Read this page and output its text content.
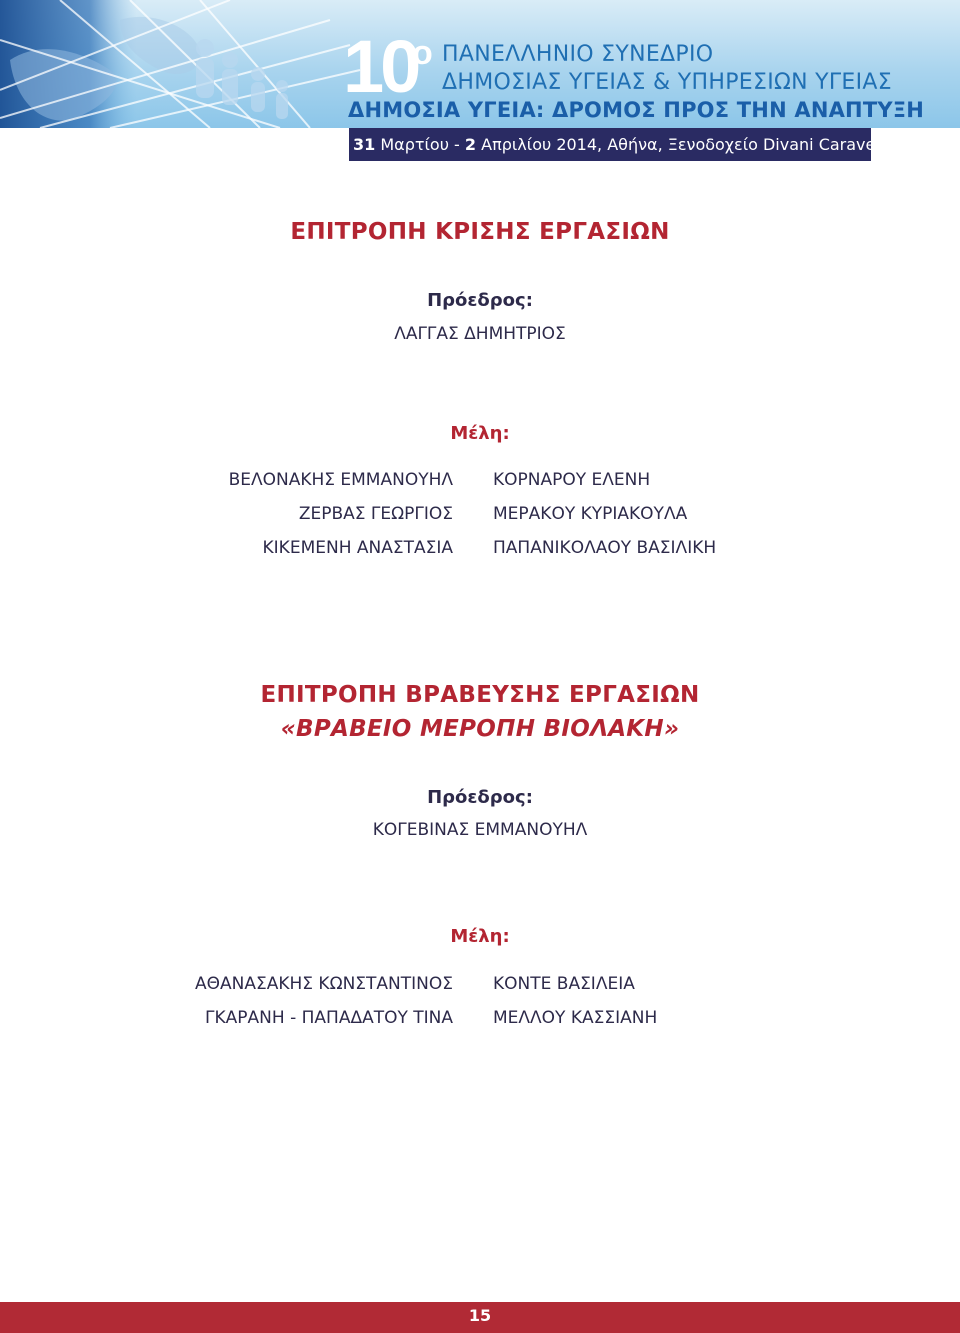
10
o ΠΑΝΕΛΛΗΝΙΟ ΣΥΝΕΔΡΙΟ
ΔΗΜΟΣΙΑΣ ΥΓΕΙΑΣ & ΥΠΗΡΕΣΙΩΝ ΥΓΕΙΑΣ
ΔΗΜΟΣΙΑ ΥΓΕΙΑ: ΔΡΟΜΟΣ ΠΡΟΣ ΤΗΝ ΑΝΑΠΤΥΞΗ
31 Μαρτίου - 2 Απριλίου 2014, Αθήνα, Ξενοδοχείο Divani Caravel
ΕΠΙΤΡΟΠΗ ΚΡΙΣΗΣ ΕΡΓΑΣΙΩΝ
Πρόεδρος:
ΛΑΓΓΑΣ ΔΗΜΗΤΡΙΟΣ
Μέλη:
ΒΕΛΟΝΑΚΗΣ ΕΜΜΑΝΟΥΗΛ
ΖΕΡΒΑΣ ΓΕΩΡΓΙΟΣ
ΚΙΚΕΜΕΝΗ ΑΝΑΣΤΑΣΙΑ
ΚΟΡΝΑΡΟΥ ΕΛΕΝΗ
ΜΕΡΑΚΟΥ ΚΥΡΙΑΚΟΥΛΑ
ΠΑΠΑΝΙΚΟΛΑΟΥ ΒΑΣΙΛΙΚΗ
ΕΠΙΤΡΟΠΗ ΒΡΑΒΕΥΣΗΣ ΕΡΓΑΣΙΩΝ
«ΒΡΑΒΕΙΟ ΜΕΡΟΠΗ ΒΙΟΛΑΚΗ»
Πρόεδρος:
ΚΟΓΕΒΙΝΑΣ ΕΜΜΑΝΟΥΗΛ
Μέλη:
ΑΘΑΝΑΣΑΚΗΣ ΚΩΝΣΤΑΝΤΙΝΟΣ
ΓΚΑΡΑΝΗ - ΠΑΠΑΔΑΤΟΥ ΤΙΝΑ
ΚΟΝΤΕ ΒΑΣΙΛΕΙΑ
ΜΕΛΛΟΥ ΚΑΣΣΙΑΝΗ
15
